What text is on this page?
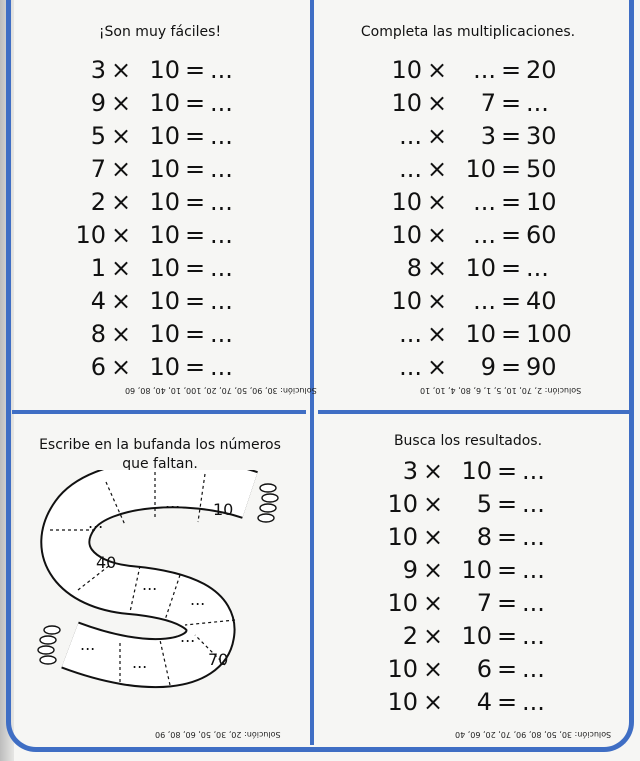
¡Son muy fáciles!
3 × 10 = ...
9 × 10 = ...
5 × 10 = ...
7 × 10 = ...
2 × 10 = ...
10 × 10 = ...
1 × 10 = ...
4 × 10 = ...
8 × 10 = ...
6 × 10 = ...
Solución: 30, 90, 50, 70, 20, 100, 10, 40, 80, 60
Completa las multiplicaciones.
10 × ... = 20
10 × 7 = ...
... × 3 = 30
... × 10 = 50
10 × ... = 10
10 × ... = 60
8 × 10 = ...
10 × ... = 40
... × 10 = 100
... × 9 = 90
Solución: 2, 70, 10, 5, 1, 6, 80, 4, 10, 10
Escribe en la bufanda los números
que faltan.
10
...
...
40
...
...
...
70
...
...
Solución: 20, 30, 50, 60, 80, 90
Busca los resultados.
3 × 10 = ...
10 × 5 = ...
10 × 8 = ...
9 × 10 = ...
10 × 7 = ...
2 × 10 = ...
10 × 6 = ...
10 × 4 = ...
Solución: 30, 50, 80, 90, 70, 20, 60, 40
